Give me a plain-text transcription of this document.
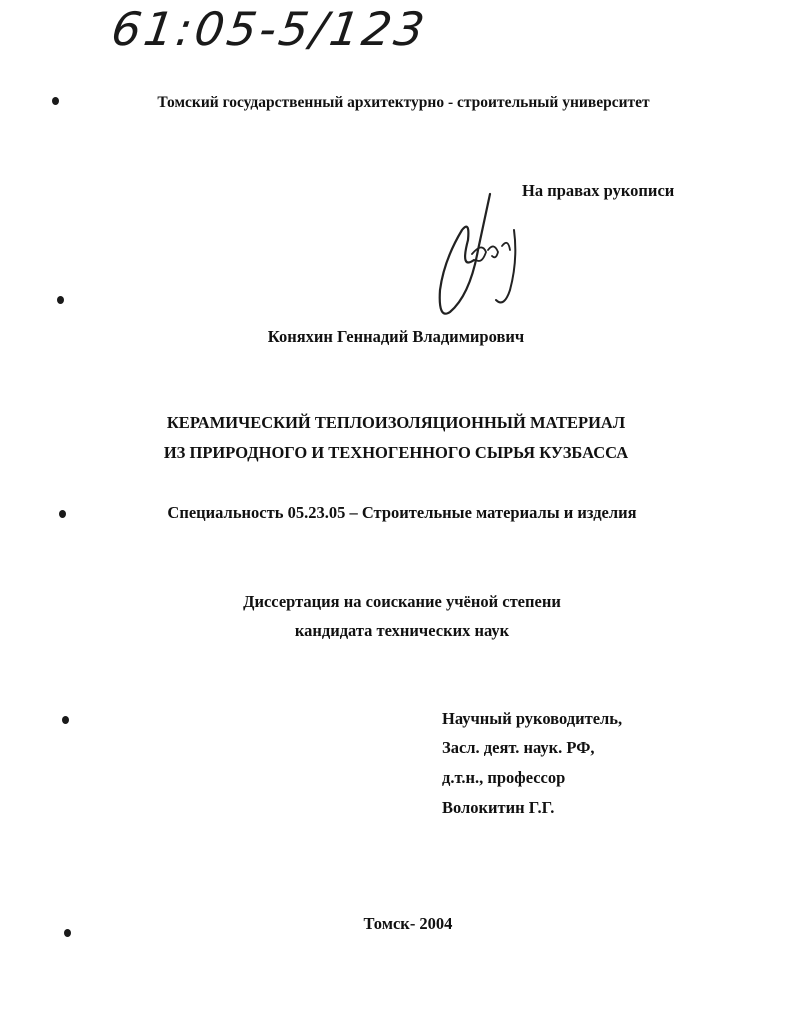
61:05-5/123
Томский государственный архитектурно - строительный университет
На правах рукописи
Коняхин Геннадий Владимирович
КЕРАМИЧЕСКИЙ ТЕПЛОИЗОЛЯЦИОННЫЙ МАТЕРИАЛ
ИЗ ПРИРОДНОГО И ТЕХНОГЕННОГО СЫРЬЯ КУЗБАССА
Специальность 05.23.05 – Строительные материалы и изделия
Диссертация на соискание учёной степени
кандидата технических наук
Научный руководитель,
Засл. деят. наук. РФ,
д.т.н., профессор
Волокитин Г.Г.
Томск- 2004
